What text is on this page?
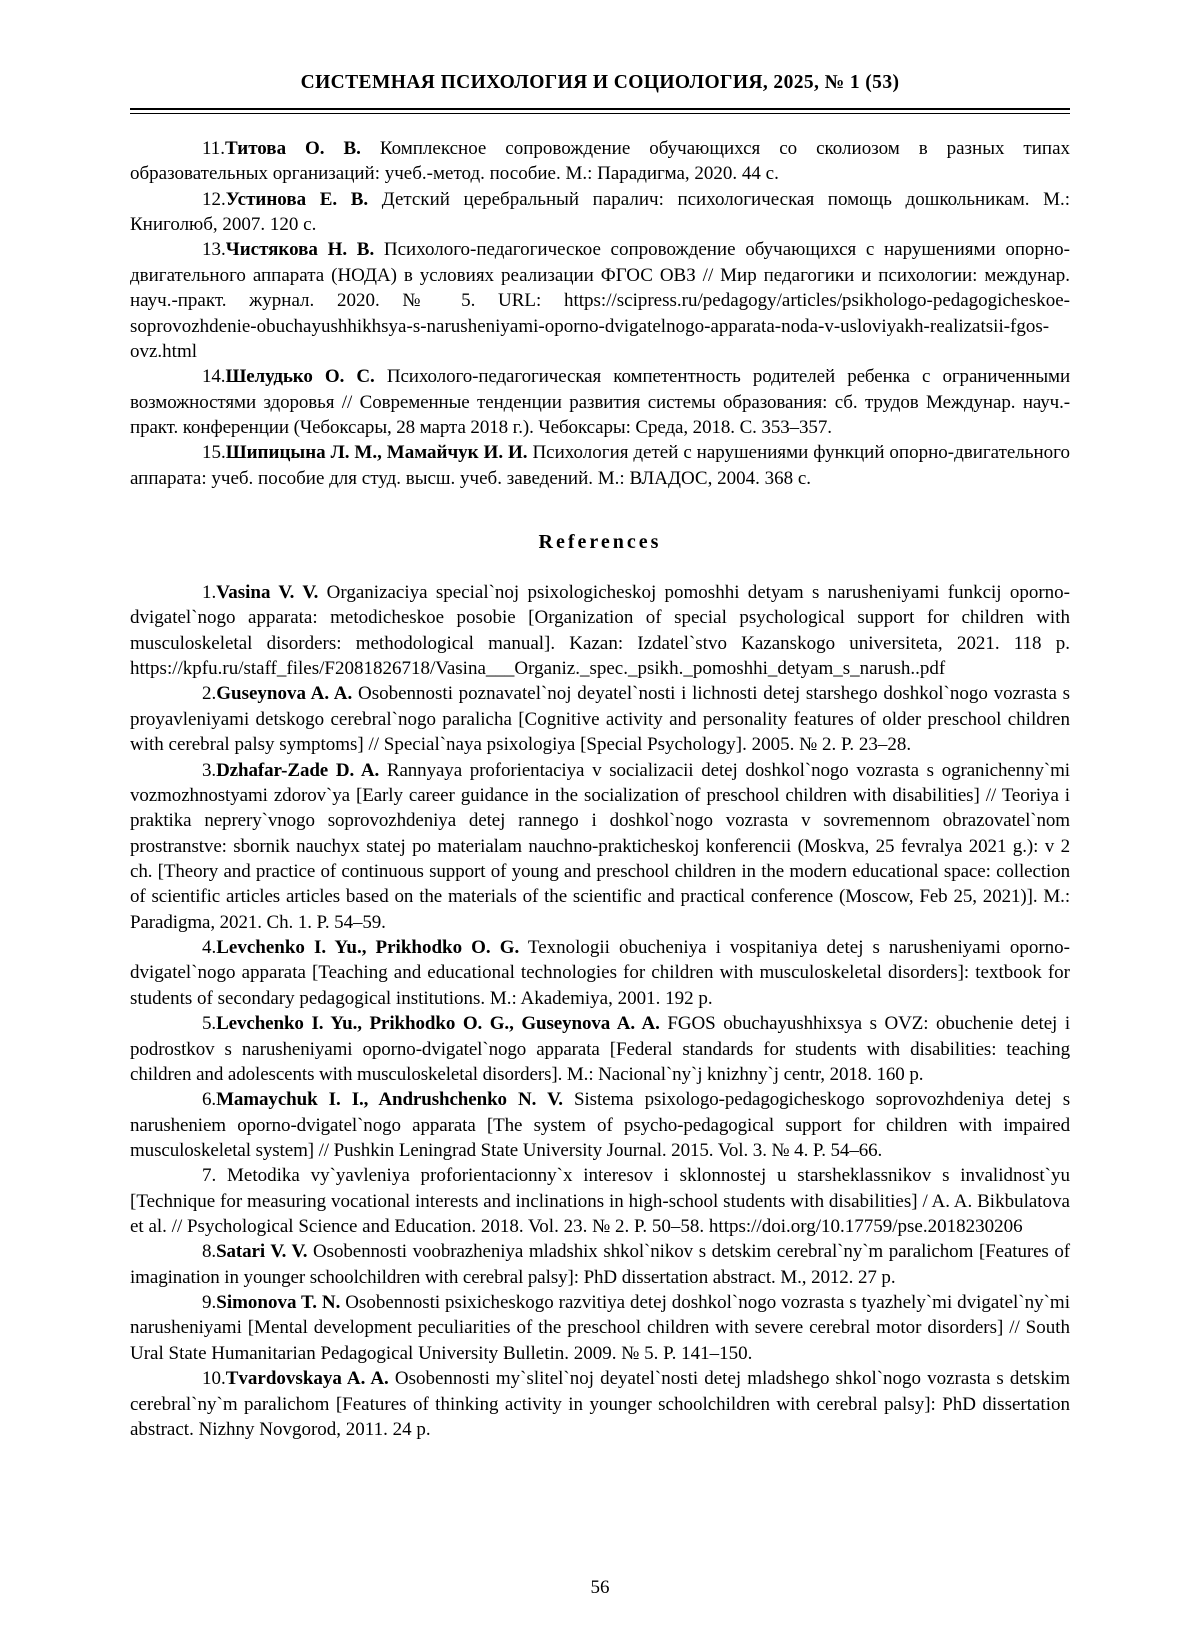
СИСТЕМНАЯ ПСИХОЛОГИЯ И СОЦИОЛОГИЯ, 2025, № 1 (53)

11.Титова О. В. Комплексное сопровождение обучающихся со сколиозом в разных типах образовательных организаций: учеб.-метод. пособие. М.: Парадигма, 2020. 44 с.

12.Устинова Е. В. Детский церебральный паралич: психологическая помощь дошкольникам. М.: Книголюб, 2007. 120 с.

13.Чистякова Н. В. Психолого-педагогическое сопровождение обучающихся с нарушениями опорно-двигательного аппарата (НОДА) в условиях реализации ФГОС ОВЗ // Мир педагогики и психологии: междунар. науч.-практ. журнал. 2020. № 5. URL: https://scipress.ru/pedagogy/articles/psikhologo-pedagogicheskoe-soprovozhdenie-obuchayushhikhsya-s-narusheniyami-oporno-dvigatelnogo-apparata-noda-v-usloviyakh-realizatsii-fgos-ovz.html

14.Шелудько О. С. Психолого-педагогическая компетентность родителей ребенка с ограниченными возможностями здоровья // Современные тенденции развития системы образования: сб. трудов Междунар. науч.-практ. конференции (Чебоксары, 28 марта 2018 г.). Чебоксары: Среда, 2018. С. 353–357.

15.Шипицына Л. М., Мамайчук И. И. Психология детей с нарушениями функций опорно-двигательного аппарата: учеб. пособие для студ. высш. учеб. заведений. М.: ВЛАДОС, 2004. 368 с.

References

1.Vasina V. V. Organizaciya special`noj psixologicheskoj pomoshhi detyam s narusheniyami funkcij oporno-dvigatel`nogo apparata: metodicheskoe posobie [Organization of special psychological support for children with musculoskeletal disorders: methodological manual]. Kazan: Izdatel`stvo Kazanskogo universiteta, 2021. 118 p. https://kpfu.ru/staff_files/F2081826718/Vasina___Organiz._spec._psikh._pomoshhi_detyam_s_narush..pdf

2.Guseynova A. A. Osobennosti poznavatel`noj deyatel`nosti i lichnosti detej starshego doshkol`nogo vozrasta s proyavleniyami detskogo cerebral`nogo paralicha [Cognitive activity and personality features of older preschool children with cerebral palsy symptoms] // Special`naya psixologiya [Special Psychology]. 2005. № 2. P. 23–28.

3.Dzhafar-Zade D. A. Rannyaya proforientaciya v socializacii detej doshkol`nogo vozrasta s ogranichenny`mi vozmozhnostyami zdorov`ya [Early career guidance in the socialization of preschool children with disabilities] // Teoriya i praktika neprery`vnogo soprovozhdeniya detej rannego i doshkol`nogo vozrasta v sovremennom obrazovatel`nom prostranstve: sbornik nauchyx statej po materialam nauchno-prakticheskoj konferencii (Moskva, 25 fevralya 2021 g.): v 2 ch. [Theory and practice of continuous support of young and preschool children in the modern educational space: collection of scientific articles articles based on the materials of the scientific and practical conference (Moscow, Feb 25, 2021)]. M.: Paradigma, 2021. Ch. 1. P. 54–59.

4.Levchenko I. Yu., Prikhodko O. G. Texnologii obucheniya i vospitaniya detej s narusheniyami oporno-dvigatel`nogo apparata [Teaching and educational technologies for children with musculoskeletal disorders]: textbook for students of secondary pedagogical institutions. M.: Akademiya, 2001. 192 p.

5.Levchenko I. Yu., Prikhodko O. G., Guseynova A. A. FGOS obuchayushhixsya s OVZ: obuchenie detej i podrostkov s narusheniyami oporno-dvigatel`nogo apparata [Federal standards for students with disabilities: teaching children and adolescents with musculoskeletal disorders]. M.: Nacional`ny`j knizhny`j centr, 2018. 160 p.

6.Mamaychuk I. I., Andrushchenko N. V. Sistema psixologo-pedagogicheskogo soprovozhdeniya detej s narusheniem oporno-dvigatel`nogo apparata [The system of psycho-pedagogical support for children with impaired musculoskeletal system] // Pushkin Leningrad State University Journal. 2015. Vol. 3. № 4. P. 54–66.

7. Metodika vy`yavleniya proforientacionny`x interesov i sklonnostej u starsheklassnikov s invalidnost`yu [Technique for measuring vocational interests and inclinations in high-school students with disabilities] / A. A. Bikbulatova et al. // Psychological Science and Education. 2018. Vol. 23. № 2. P. 50–58. https://doi.org/10.17759/pse.2018230206

8.Satari V. V. Osobennosti voobrazheniya mladshix shkol`nikov s detskim cerebral`ny`m paralichom [Features of imagination in younger schoolchildren with cerebral palsy]: PhD dissertation abstract. M., 2012. 27 p.

9.Simonova T. N. Osobennosti psixicheskogo razvitiya detej doshkol`nogo vozrasta s tyazhely`mi dvigatel`ny`mi narusheniyami [Mental development peculiarities of the preschool children with severe cerebral motor disorders] // South Ural State Humanitarian Pedagogical University Bulletin. 2009. № 5. P. 141–150.

10.Tvardovskaya A. A. Osobennosti my`slitel`noj deyatel`nosti detej mladshego shkol`nogo vozrasta s detskim cerebral`ny`m paralichom [Features of thinking activity in younger schoolchildren with cerebral palsy]: PhD dissertation abstract. Nizhny Novgorod, 2011. 24 p.

56
